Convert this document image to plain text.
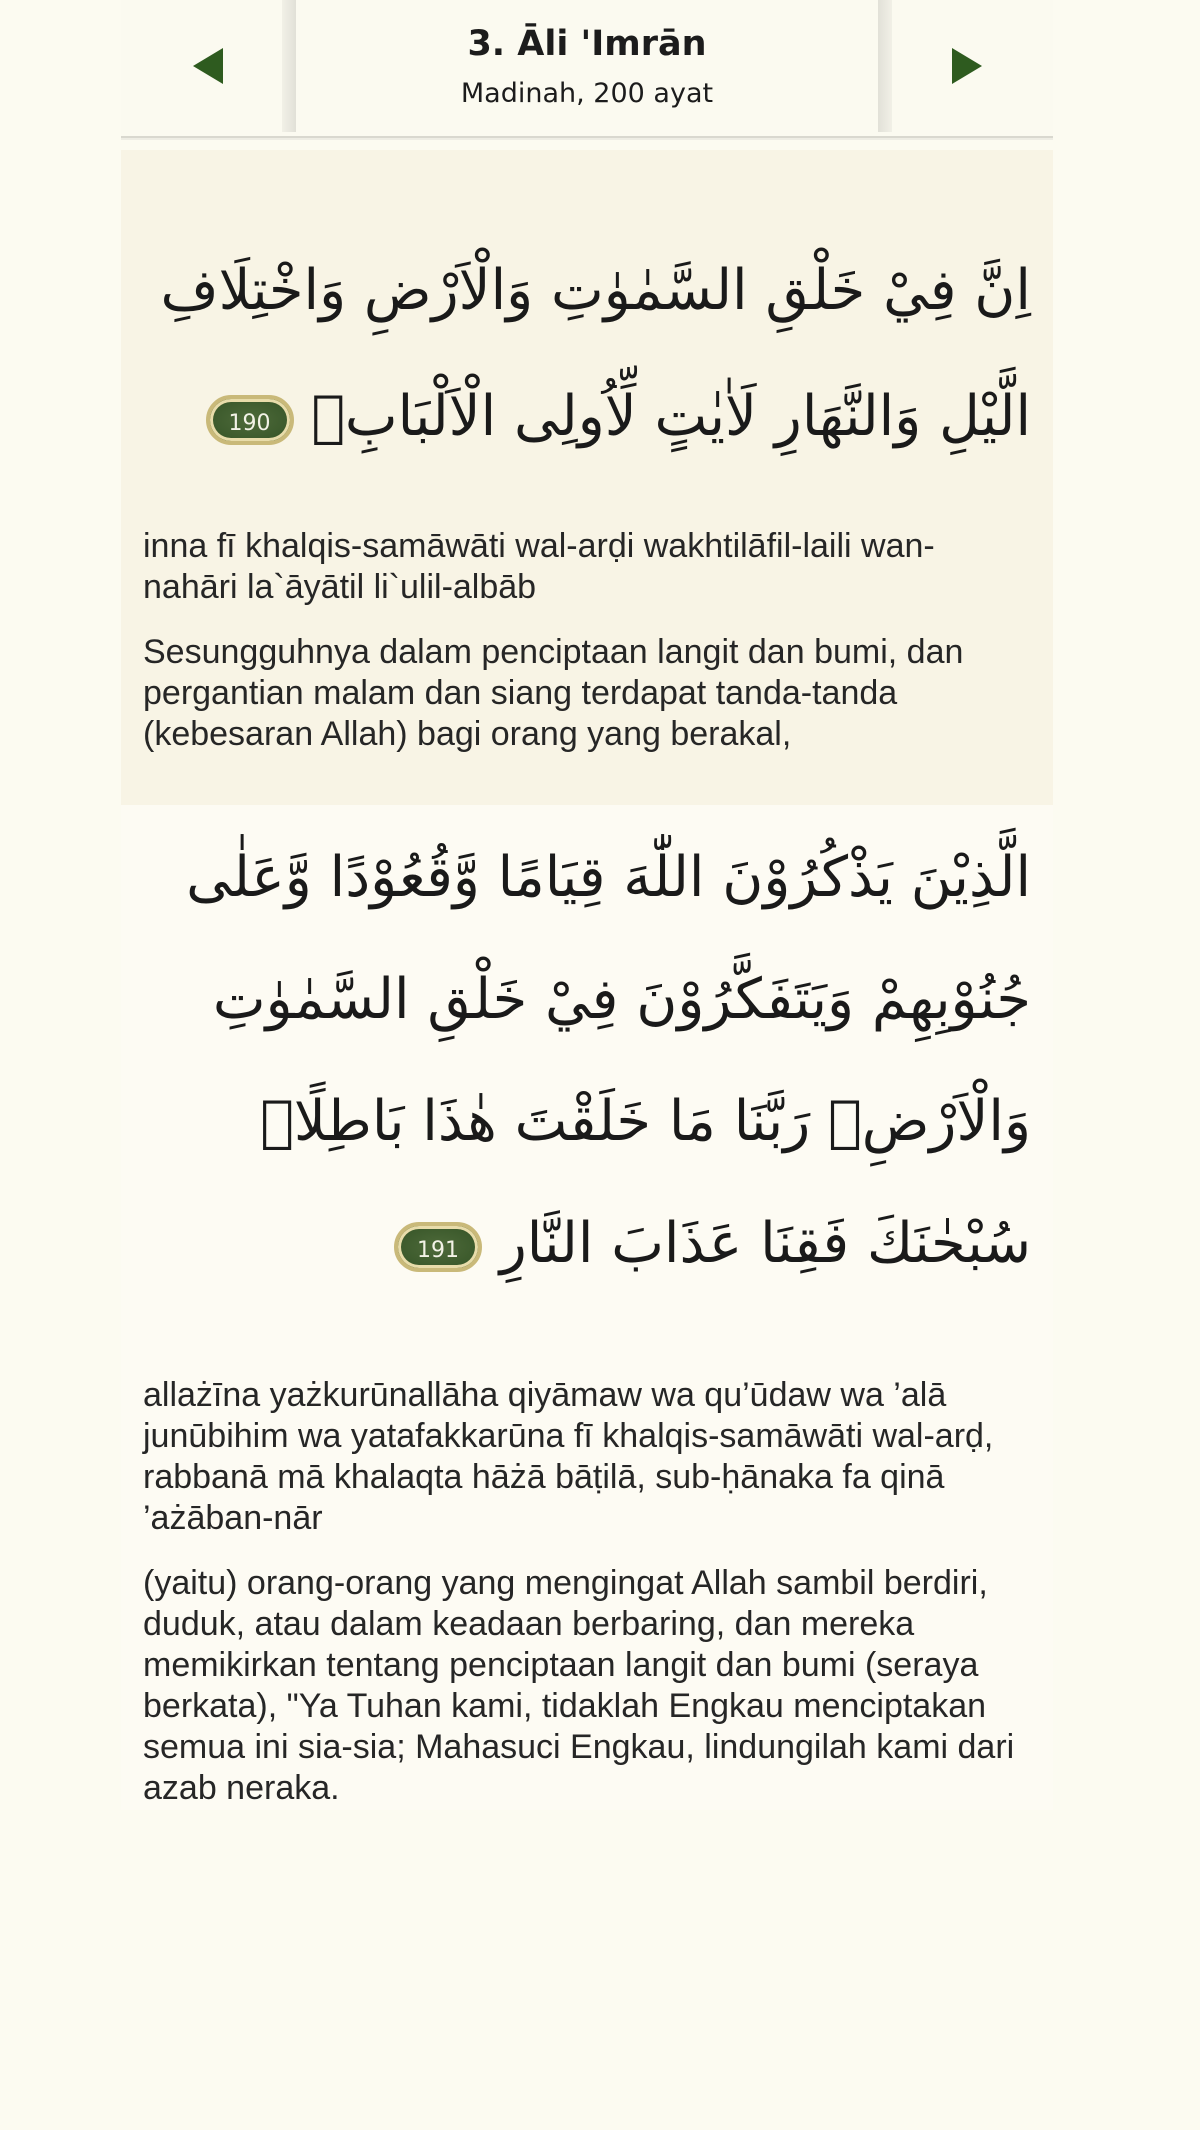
3. Āli 'Imrān
Madinah, 200 ayat
اِنَّ فِيْ خَلْقِ السَّمٰوٰتِ وَالْاَرْضِ وَاخْتِلَافِ
الَّيْلِ وَالنَّهَارِ لَاٰيٰتٍ لِّاُولِى الْاَلْبَابِۙ 190

inna fī khalqis-samāwāti wal-arḍi wakhtilāfil-laili wan-nahāri la`āyātil li`ulil-albāb

Sesungguhnya dalam penciptaan langit dan bumi, dan pergantian malam dan siang terdapat tanda-tanda (kebesaran Allah) bagi orang yang berakal,

الَّذِيْنَ يَذْكُرُوْنَ اللّٰهَ قِيَامًا وَّقُعُوْدًا وَّعَلٰى
جُنُوْبِهِمْ وَيَتَفَكَّرُوْنَ فِيْ خَلْقِ السَّمٰوٰتِ
وَالْاَرْضِۚ رَبَّنَا مَا خَلَقْتَ هٰذَا بَاطِلًاۚ
سُبْحٰنَكَ فَقِنَا عَذَابَ النَّارِ 191

allażīna yażkurūnallāha qiyāmaw wa qu’ūdaw wa ’alā junūbihim wa yatafakkarūna fī khalqis-samāwāti wal-arḍ, rabbanā mā khalaqta hāżā bāṭilā, sub-ḥānaka fa qinā ’ażāban-nār

(yaitu) orang-orang yang mengingat Allah sambil berdiri, duduk, atau dalam keadaan berbaring, dan mereka memikirkan tentang penciptaan langit dan bumi (seraya berkata), "Ya Tuhan kami, tidaklah Engkau menciptakan semua ini sia-sia; Mahasuci Engkau, lindungilah kami dari azab neraka.
